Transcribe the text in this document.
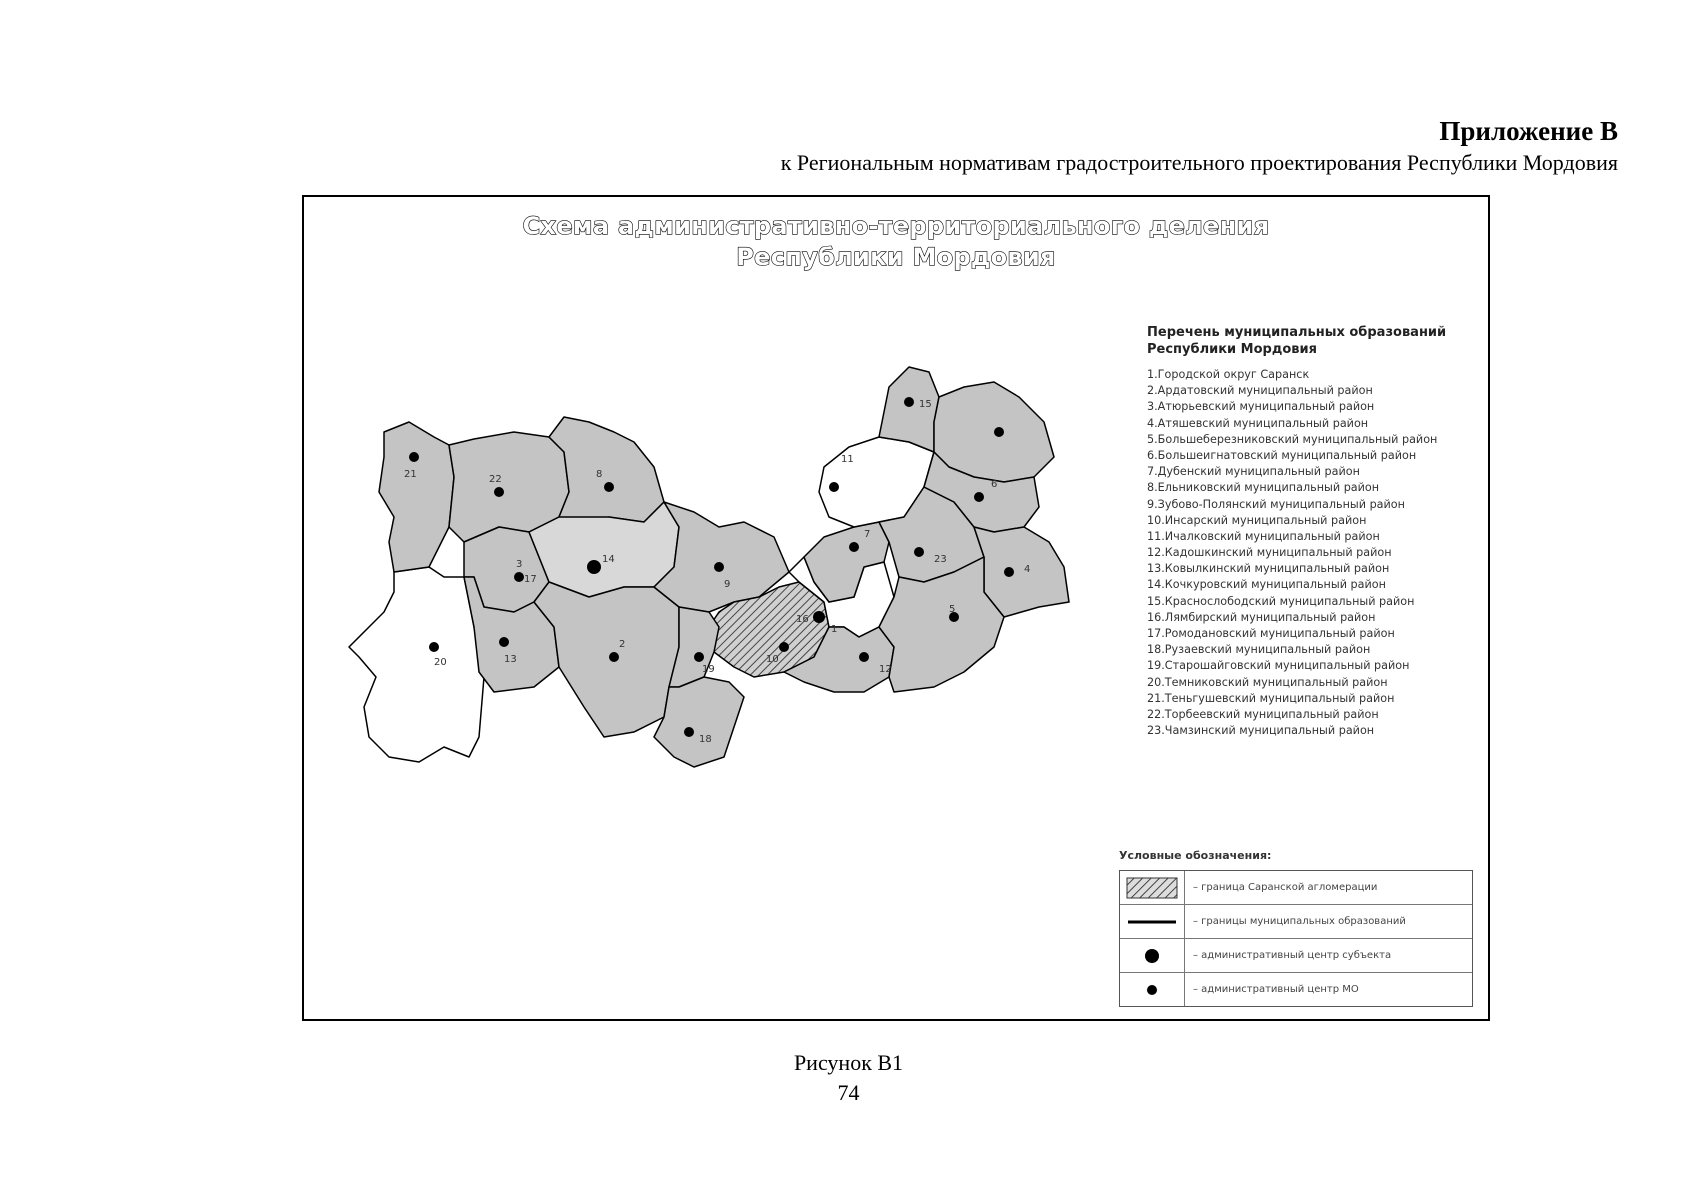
Приложение В
к Региональным нормативам градостроительного проектирования Республики Мордовия
Схема административно-территориального деления
Республики Мордовия
21	22	8
11
23
3	14
13
9
7
6
16
1
4
19	12
10
5
2
18
15
20
17
Перечень муниципальных образований
Республики Мордовия
1.Городской округ Саранск
2.Ардатовский муниципальный район
3.Атюрьевский муниципальный район
4.Атяшевский муниципальный район
5.Большеберезниковский муниципальный район
6.Большеигнатовский муниципальный район
7.Дубенский муниципальный район
8.Ельниковский муниципальный район
9.Зубово-Полянский муниципальный район
10.Инсарский муниципальный район
11.Ичалковский муниципальный район
12.Кадошкинский муниципальный район
13.Ковылкинский муниципальный район
14.Кочкуровский муниципальный район
15.Краснослободский муниципальный район
16.Лямбирский муниципальный район
17.Ромодановский муниципальный район
18.Рузаевский муниципальный район
19.Старошайговский муниципальный район
20.Темниковский муниципальный район
21.Теньгушевский муниципальный район
22.Торбеевский муниципальный район
23.Чамзинский муниципальный район
Условные обозначения:
– граница Саранской агломерации
– границы муниципальных образований
– административный центр субъекта
– административный центр МО
Рисунок В1
74
